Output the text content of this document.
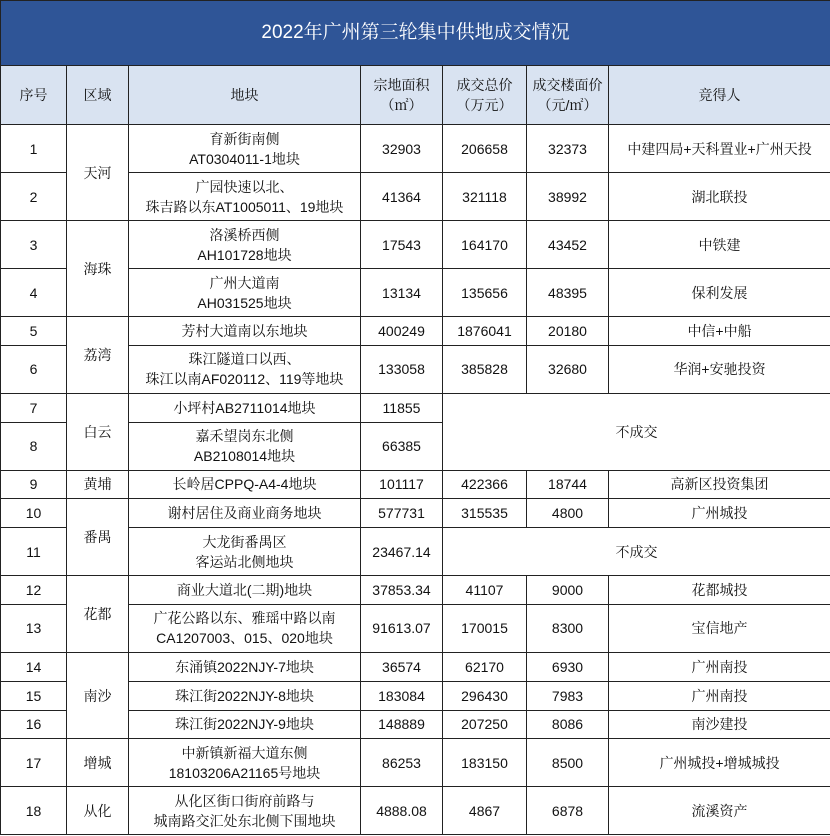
2022年广州第三轮集中供地成交情况						
序号	区域	地块	宗地面积
（㎡）	成交总价
（万元）	成交楼面价
（元/㎡）	竞得人
1	天河	育新街南侧
AT0304011-1地块	32903	206658	32373	中建四局+天科置业+广州天投
2		广园快速以北、
珠吉路以东AT1005011、19地块	41364	321118	38992	湖北联投
3	海珠	洛溪桥西侧
AH101728地块	17543	164170	43452	中铁建
4		广州大道南
AH031525地块	13134	135656	48395	保利发展
5	荔湾	芳村大道南以东地块	400249	1876041	20180	中信+中船
6		珠江隧道口以西、
珠江以南AF020112、119等地块	133058	385828	32680	华润+安驰投资
7	白云	小坪村AB2711014地块	11855	不成交		
8		嘉禾望岗东北侧
AB2108014地块	66385			
9	黄埔	长岭居CPPQ-A4-4地块	101117	422366	18744	高新区投资集团
10	番禺	谢村居住及商业商务地块	577731	315535	4800	广州城投
11		大龙街番禺区
客运站北侧地块	23467.14	不成交		
12	花都	商业大道北(二期)地块	37853.34	41107	9000	花都城投
13		广花公路以东、雅瑶中路以南
CA1207003、015、020地块	91613.07	170015	8300	宝信地产
14	南沙	东涌镇2022NJY-7地块	36574	62170	6930	广州南投
15		珠江街2022NJY-8地块	183084	296430	7983	广州南投
16		珠江街2022NJY-9地块	148889	207250	8086	南沙建投
17	增城	中新镇新福大道东侧
18103206A21165号地块	86253	183150	8500	广州城投+增城城投
18	从化	从化区街口街府前路与
城南路交汇处东北侧下围地块	4888.08	4867	6878	流溪资产
